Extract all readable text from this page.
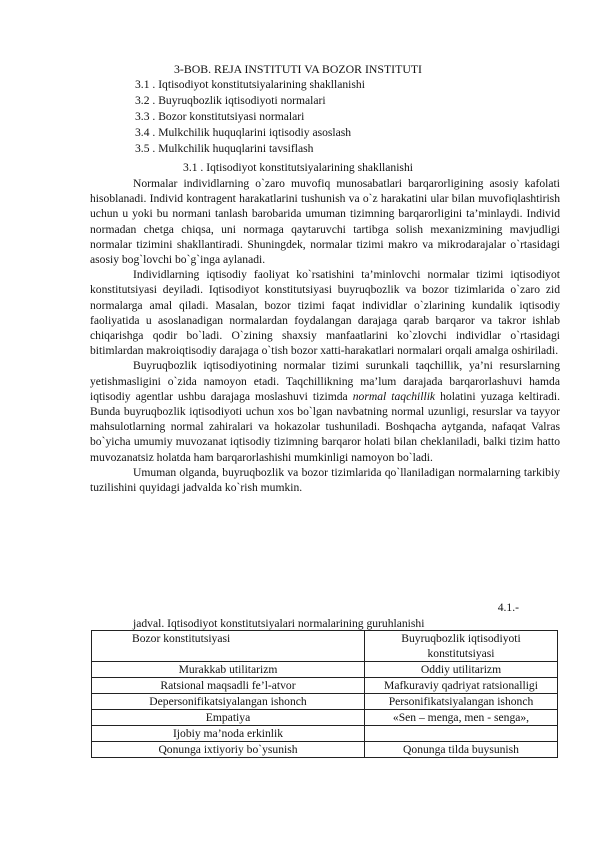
3-BOB. REJA INSTITUTI VA BOZOR INSTITUTI
3.1 . Iqtisodiyot konstitutsiyalarining shakllanishi
3.2 . Buyruqbozlik iqtisodiyoti normalari
3.3 . Bozor konstitutsiyasi normalari
3.4 . Mulkchilik huquqlarini iqtisodiy asoslash
3.5 . Mulkchilik huquqlarini tavsiflash
3.1 . Iqtisodiyot konstitutsiyalarining shakllanishi

Normalar individlarning o`zaro muvofiq munosabatlari barqarorligining asosiy kafolati hisoblanadi. Individ kontragent harakatlarini tushunish va o`z harakatini ular bilan muvofiqlashtirish uchun u yoki bu normani tanlash barobarida umuman tizimning barqarorligini ta’minlaydi. Individ normadan chetga chiqsa, uni normaga qaytaruvchi tartibga solish mexanizmining mavjudligi normalar tizimini shakllantiradi. Shuningdek, normalar tizimi makro va mikrodarajalar o`rtasidagi asosiy bog`lovchi bo`g`inga aylanadi.

Individlarning iqtisodiy faoliyat ko`rsatishini ta’minlovchi normalar tizimi iqtisodiyot konstitutsiyasi deyiladi. Iqtisodiyot konstitutsiyasi buyruqbozlik va bozor tizimlarida o`zaro zid normalarga amal qiladi. Masalan, bozor tizimi faqat individlar o`zlarining kundalik iqtisodiy faoliyatida u asoslanadigan normalardan foydalangan darajaga qarab barqaror va takror ishlab chiqarishga qodir bo`ladi. O`zining shaxsiy manfaatlarini ko`zlovchi individlar o`rtasidagi bitimlardan makroiqtisodiy darajaga o`tish bozor xatti-harakatlari normalari orqali amalga oshiriladi.

Buyruqbozlik iqtisodiyotining normalar tizimi surunkali taqchillik, ya’ni resurslarning yetishmasligini o`zida namoyon etadi. Taqchillikning ma’lum darajada barqarorlashuvi hamda iqtisodiy agentlar ushbu darajaga moslashuvi tizimda normal taqchillik holatini yuzaga keltiradi. Bunda buyruqbozlik iqtisodiyoti uchun xos bo`lgan navbatning normal uzunligi, resurslar va tayyor mahsulotlarning normal zahiralari va hokazolar tushuniladi. Boshqacha aytganda, nafaqat Valras bo`yicha umumiy muvozanat iqtisodiy tizimning barqaror holati bilan cheklaniladi, balki tizim hatto muvozanatsiz holatda ham barqarorlashishi mumkinligi namoyon bo`ladi.

Umuman olganda, buyruqbozlik va bozor tizimlarida qo`llaniladigan normalarning tarkibiy tuzilishini quyidagi jadvalda ko`rish mumkin.

4.1.-
jadval. Iqtisodiyot konstitutsiyalari normalarining guruhlanishi
Bozor konstitutsiyasi	Buyruqbozlik iqtisodiyoti konstitutsiyasi
Murakkab utilitarizm	Oddiy utilitarizm
Ratsional maqsadli fe’l-atvor	Mafkuraviy qadriyat ratsionalligi
Depersonifikatsiyalangan ishonch	Personifikatsiyalangan ishonch
Empatiya	«Sen – menga, men - senga»,
Ijobiy ma’noda erkinlik	
Qonunga ixtiyoriy bo`ysunish	Qonunga tilda buysunish
